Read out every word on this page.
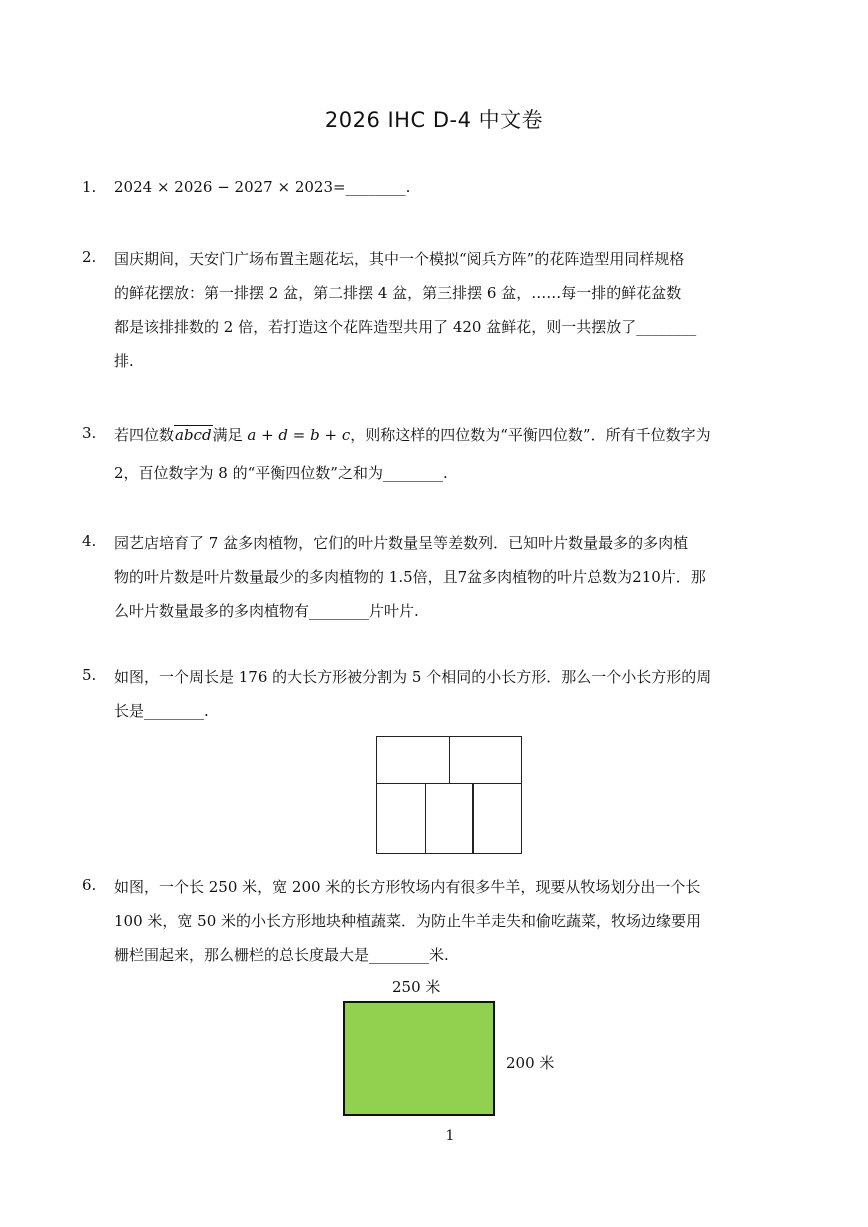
2026 IHC D-4 中文卷
1.	2024 × 2026 − 2027 × 2023=________.
2.	国庆期间，天安门广场布置主题花坛，其中一个模拟“阅兵方阵”的花阵造型用同样规格
的鲜花摆放：第一排摆 2 盆，第二排摆 4 盆，第三排摆 6 盆，……每一排的鲜花盆数
都是该排排数的 2 倍，若打造这个花阵造型共用了 420 盆鲜花，则一共摆放了________
排.
3.	若四位数abcd满足 a + d = b + c，则称这样的四位数为“平衡四位数”．所有千位数字为
2，百位数字为 8 的“平衡四位数”之和为________.
4.	园艺店培育了 7 盆多肉植物，它们的叶片数量呈等差数列．已知叶片数量最多的多肉植
物的叶片数是叶片数量最少的多肉植物的 1.5倍，且7盆多肉植物的叶片总数为210片．那
么叶片数量最多的多肉植物有________片叶片.
5.	如图，一个周长是 176 的大长方形被分割为 5 个相同的小长方形．那么一个小长方形的周
长是________.
6.	如图，一个长 250 米，宽 200 米的长方形牧场内有很多牛羊，现要从牧场划分出一个长
100 米，宽 50 米的小长方形地块种植蔬菜．为防止牛羊走失和偷吃蔬菜，牧场边缘要用
栅栏围起来，那么栅栏的总长度最大是________米.
250 米
200 米
1
